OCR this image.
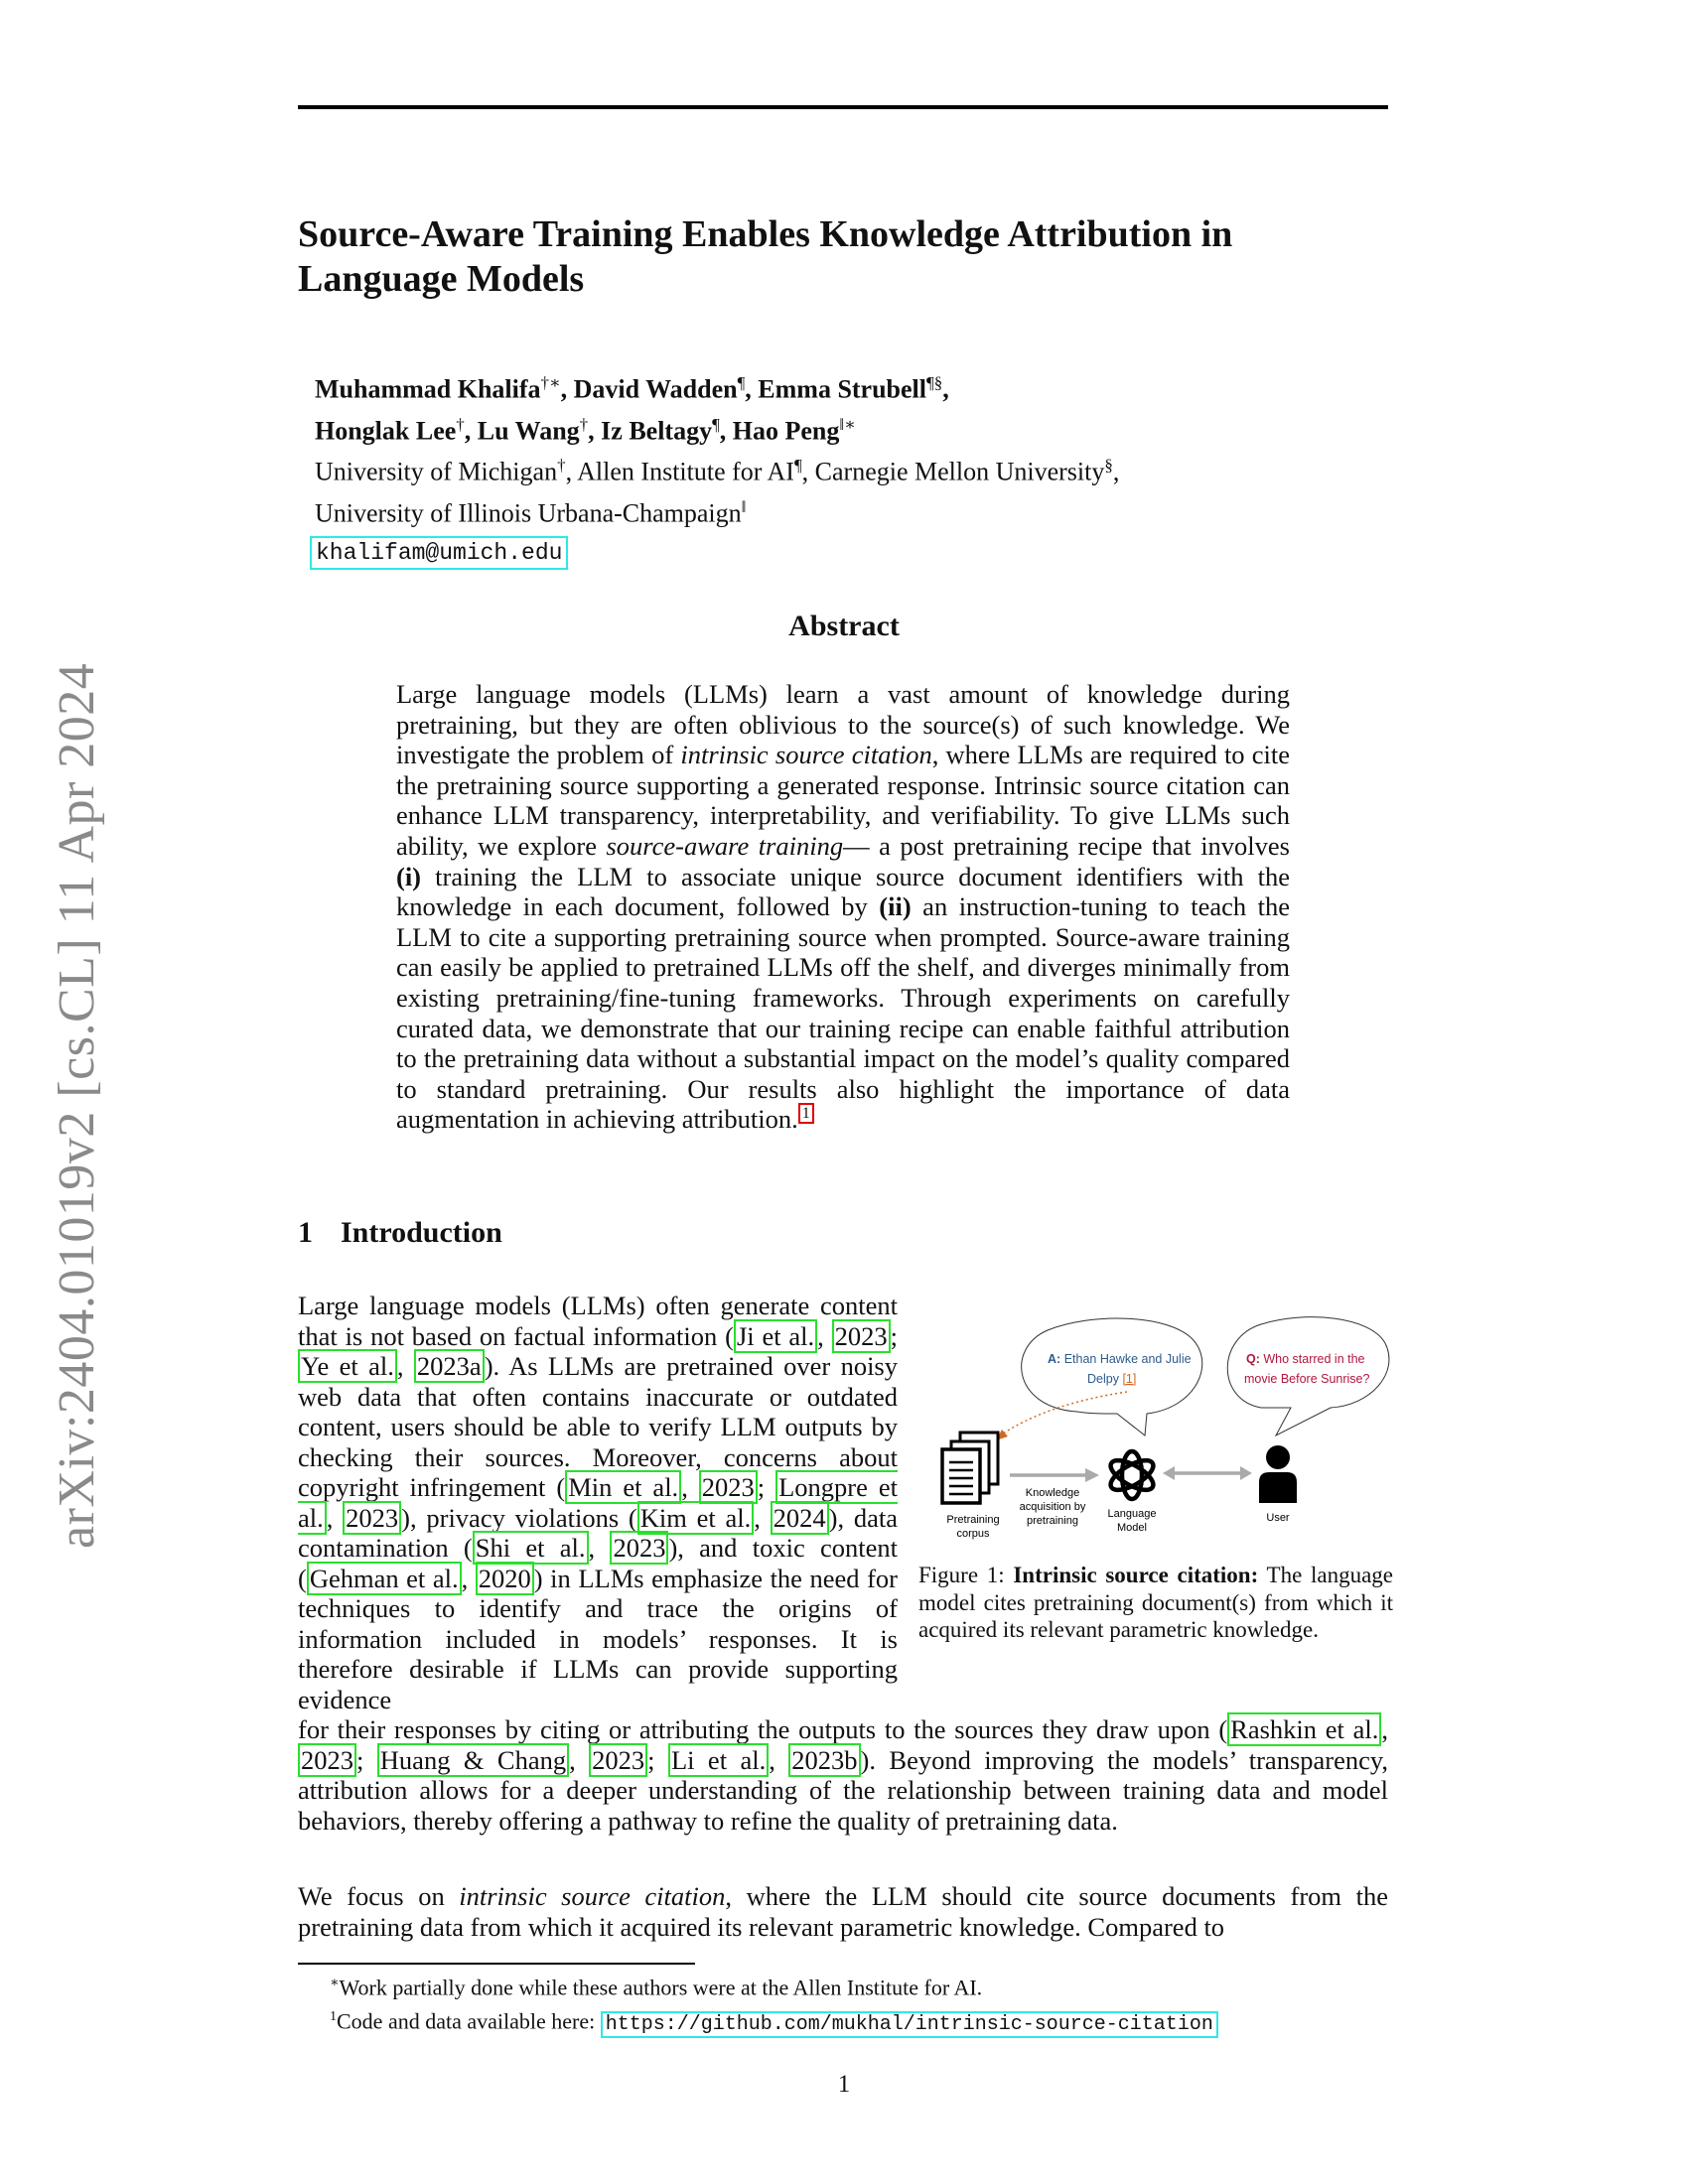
arXiv:2404.01019v2 [cs.CL] 11 Apr 2024
Source-Aware Training Enables Knowledge Attribution in Language Models
Muhammad Khalifa†∗, David Wadden¶, Emma Strubell¶§,
Honglak Lee†, Lu Wang†, Iz Beltagy¶, Hao Peng‖∗
University of Michigan†, Allen Institute for AI¶, Carnegie Mellon University§,
University of Illinois Urbana-Champaign‖
khalifam@umich.edu
Abstract
Large language models (LLMs) learn a vast amount of knowledge during pretraining, but they are often oblivious to the source(s) of such knowledge. We investigate the problem of intrinsic source citation, where LLMs are required to cite the pretraining source supporting a generated response. Intrinsic source citation can enhance LLM transparency, interpretability, and verifiability. To give LLMs such ability, we explore source-aware training— a post pretraining recipe that involves (i) training the LLM to associate unique source document identifiers with the knowledge in each document, followed by (ii) an instruction-tuning to teach the LLM to cite a supporting pretraining source when prompted. Source-aware training can easily be applied to pretrained LLMs off the shelf, and diverges minimally from existing pretraining/fine-tuning frameworks. Through experiments on carefully curated data, we demonstrate that our training recipe can enable faithful attribution to the pretraining data without a substantial impact on the model’s quality compared to standard pretraining. Our results also highlight the importance of data augmentation in achieving attribution. $^1$
1 Introduction
Large language models (LLMs) often generate content that is not based on factual information ( Ji et al. , 2023 ; Ye et al. , 2023a ). As LLMs are pretrained over noisy web data that often contains inaccurate or outdated content, users should be able to verify LLM outputs by checking their sources. Moreover, concerns about copyright infringement ( Min et al. , 2023 ; Longpre et al. , 2023 ), privacy violations ( Kim et al. , 2024 ), data contamination ( Shi et al. , 2023 ), and toxic content ( Gehman et al. , 2020 ) in LLMs emphasize the need for techniques to identify and trace the origins of information included in models’ responses. It is therefore desirable if LLMs can provide supporting evidence
A: Ethan Hawke and Julie
Delpy [1]
Q: Who starred in the
movie Before Sunrise?
Pretraining
corpus
Knowledge
acquisition by
pretraining
Language
Model
User
Figure 1: Intrinsic source citation: The language model cites pretraining document(s) from which it acquired its relevant parametric knowledge.
for their responses by citing or attributing the outputs to the sources they draw upon ( Rashkin et al. , 2023 ; Huang & Chang , 2023 ; Li et al. , 2023b ). Beyond improving the models’ transparency, attribution allows for a deeper understanding of the relationship between training data and model behaviors, thereby offering a pathway to refine the quality of pretraining data.
We focus on intrinsic source citation, where the LLM should cite source documents from the pretraining data from which it acquired its relevant parametric knowledge. Compared to
∗Work partially done while these authors were at the Allen Institute for AI.
$^1$Code and data available here: https://github.com/mukhal/intrinsic-source-citation
1
